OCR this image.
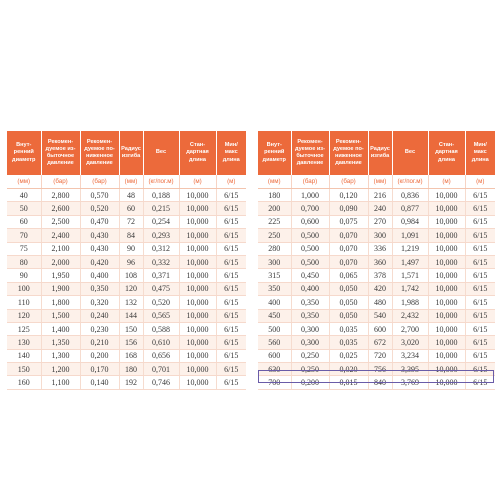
Внут-
ренний
диаметр	Рекомен-
дуемое из-
быточное
давление	Рекомен-
дуемое по-
ниженное
давление	Радиус
изгиба	Вес	Стан-
дартная
длина	Мин/
макс
длина
(мм)	(бар)	(бар)	(мм)	(кг/пог.м)	(м)	(м)
40	2,800	0,570	48	0,188	10,000	6/15
50	2,600	0,520	60	0,215	10,000	6/15
60	2,500	0,470	72	0,254	10,000	6/15
70	2,400	0,430	84	0,293	10,000	6/15
75	2,100	0,430	90	0,312	10,000	6/15
80	2,000	0,420	96	0,332	10,000	6/15
90	1,950	0,400	108	0,371	10,000	6/15
100	1,900	0,350	120	0,475	10,000	6/15
110	1,800	0,320	132	0,520	10,000	6/15
120	1,500	0,240	144	0,565	10,000	6/15
125	1,400	0,230	150	0,588	10,000	6/15
130	1,350	0,210	156	0,610	10,000	6/15
140	1,300	0,200	168	0,656	10,000	6/15
150	1,200	0,170	180	0,701	10,000	6/15
160	1,100	0,140	192	0,746	10,000	6/15
Внут-
ренний
диаметр	Рекомен-
дуемое из-
быточное
давление	Рекомен-
дуемое по-
ниженное
давление	Радиус
изгиба	Вес	Стан-
дартная
длина	Мин/
макс
длина
(мм)	(бар)	(бар)	(мм)	(кг/пог.м)	(м)	(м)
180	1,000	0,120	216	0,836	10,000	6/15
200	0,700	0,090	240	0,877	10,000	6/15
225	0,600	0,075	270	0,984	10,000	6/15
250	0,500	0,070	300	1,091	10,000	6/15
280	0,500	0,070	336	1,219	10,000	6/15
300	0,500	0,070	360	1,497	10,000	6/15
315	0,450	0,065	378	1,571	10,000	6/15
350	0,400	0,050	420	1,742	10,000	6/15
400	0,350	0,050	480	1,988	10,000	6/15
450	0,350	0,050	540	2,432	10,000	6/15
500	0,300	0,035	600	2,700	10,000	6/15
560	0,300	0,035	672	3,020	10,000	6/15
600	0,250	0,025	720	3,234	10,000	6/15
630	0,250	0,020	756	3,395	10,000	6/15
700	0,200	0,015	840	3,769	10,000	6/15
